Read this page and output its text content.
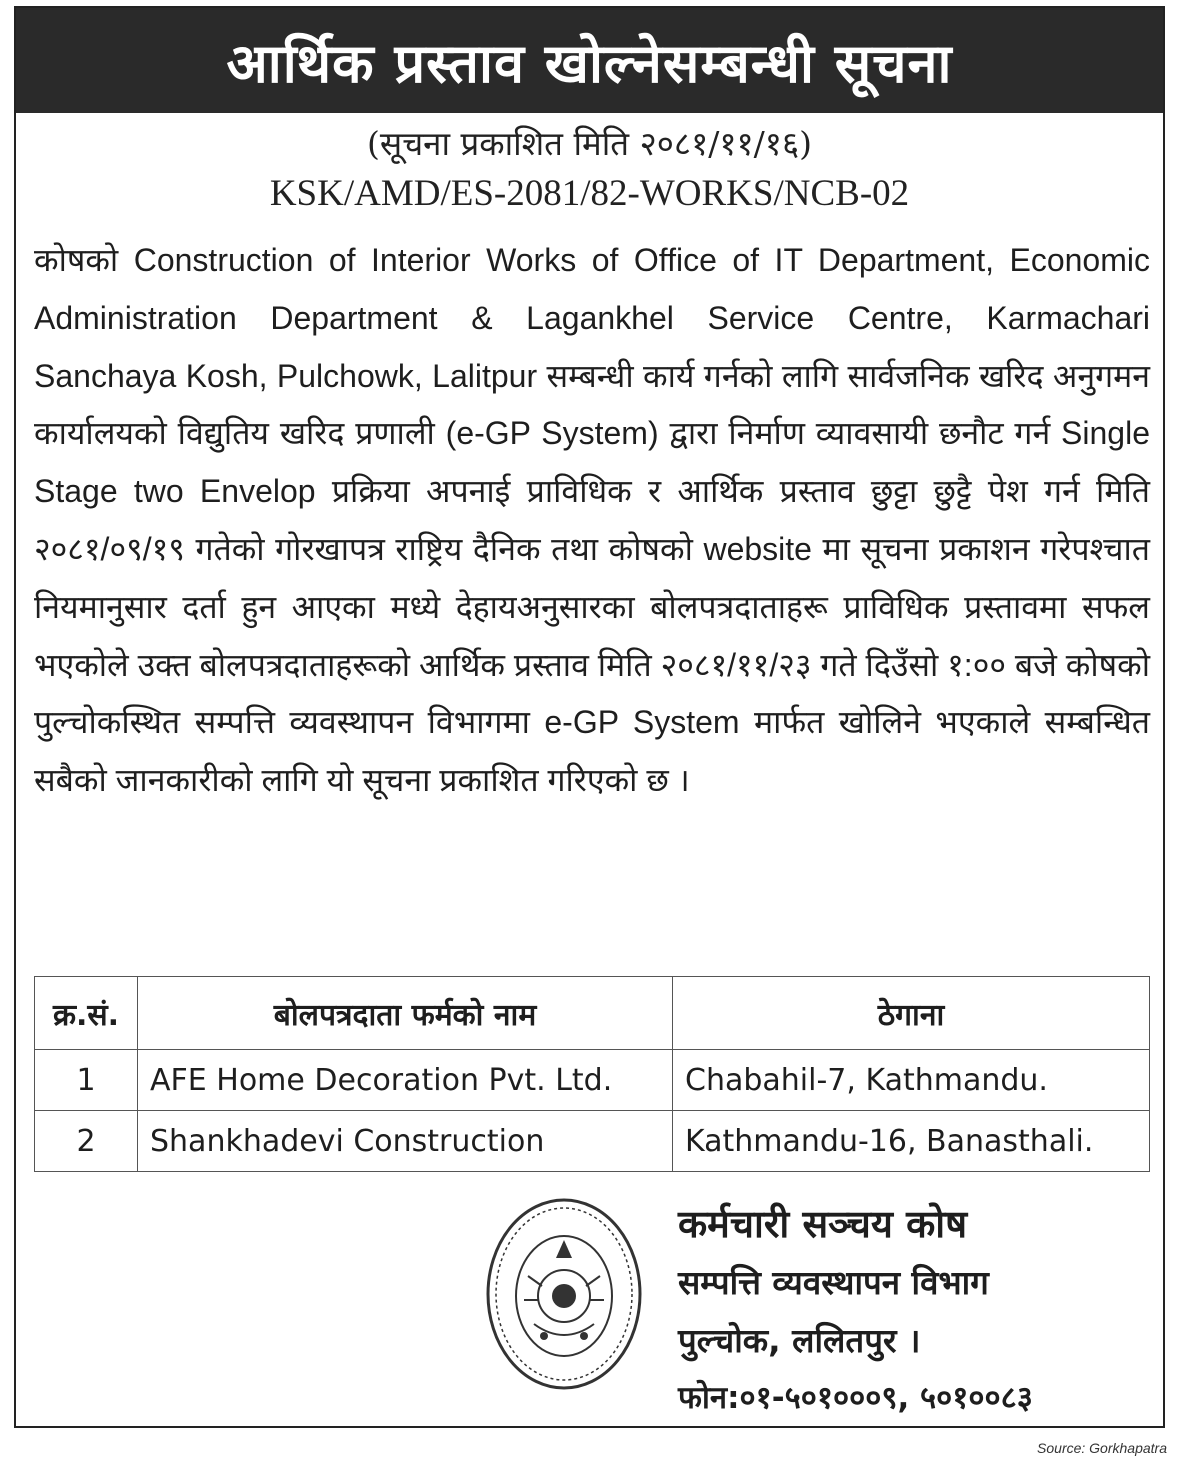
आर्थिक प्रस्ताव खोल्नेसम्बन्धी सूचना
(सूचना प्रकाशित मिति २०८१/११/१६)
KSK/AMD/ES-2081/82-WORKS/NCB-02
कोषको Construction of Interior Works of Office of IT Department, Economic Administration Department & Lagankhel Service Centre, Karmachari Sanchaya Kosh, Pulchowk, Lalitpur सम्बन्धी कार्य गर्नको लागि सार्वजनिक खरिद अनुगमन कार्यालयको विद्युतिय खरिद प्रणाली (e-GP System) द्वारा निर्माण व्यावसायी छनौट गर्न Single Stage two Envelop प्रक्रिया अपनाई प्राविधिक र आर्थिक प्रस्ताव छुट्टा छुट्टै पेश गर्न मिति २०८१/०९/१९ गतेको गोरखापत्र राष्ट्रिय दैनिक तथा कोषको website मा सूचना प्रकाशन गरेपश्चात नियमानुसार दर्ता हुन आएका मध्ये देहायअनुसारका बोलपत्रदाताहरू प्राविधिक प्रस्तावमा सफल भएकोले उक्त बोलपत्रदाताहरूको आर्थिक प्रस्ताव मिति २०८१/११/२३ गते दिउँसो १:०० बजे कोषको पुल्चोकस्थित सम्पत्ति व्यवस्थापन विभागमा e-GP System मार्फत खोलिने भएकाले सम्बन्धित सबैको जानकारीको लागि यो सूचना प्रकाशित गरिएको छ ।
क्र.सं.	बोलपत्रदाता फर्मको नाम	ठेगाना
1	AFE Home Decoration Pvt. Ltd.	Chabahil-7, Kathmandu.
2	Shankhadevi Construction	Kathmandu-16, Banasthali.
कर्मचारी सञ्चय कोष
सम्पत्ति व्यवस्थापन विभाग
पुल्चोक, ललितपुर ।
फोन:०१-५०१०००९, ५०१००८३
Source: Gorkhapatra
